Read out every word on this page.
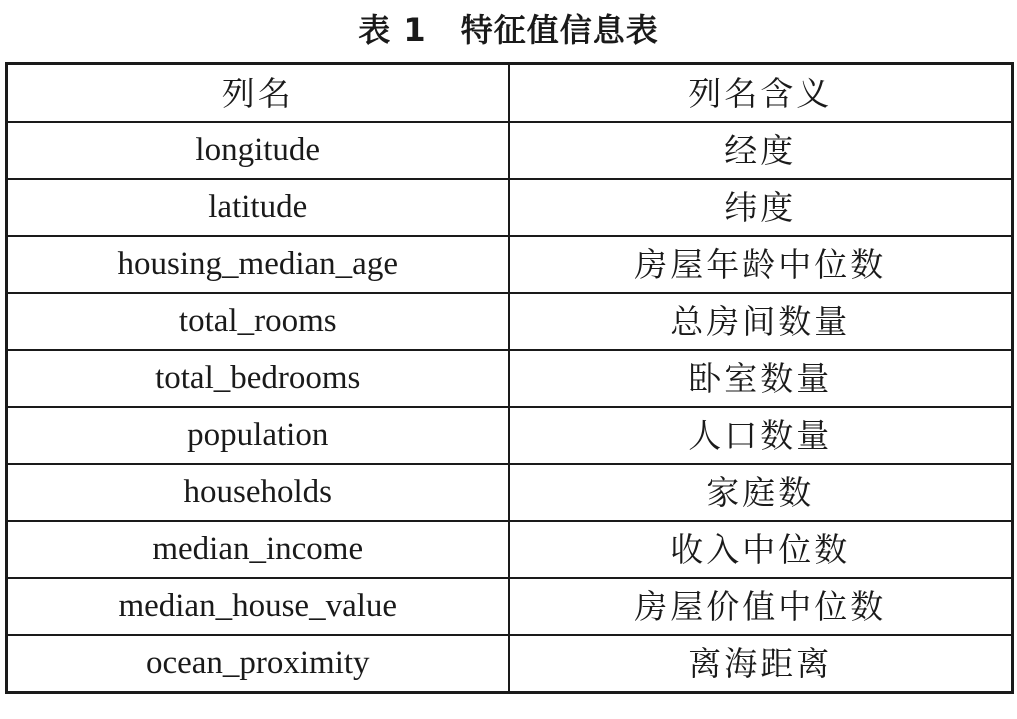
表 1 特征值信息表
列名	列名含义
longitude	经度
latitude	纬度
housing_median_age	房屋年龄中位数
total_rooms	总房间数量
total_bedrooms	卧室数量
population	人口数量
households	家庭数
median_income	收入中位数
median_house_value	房屋价值中位数
ocean_proximity	离海距离
